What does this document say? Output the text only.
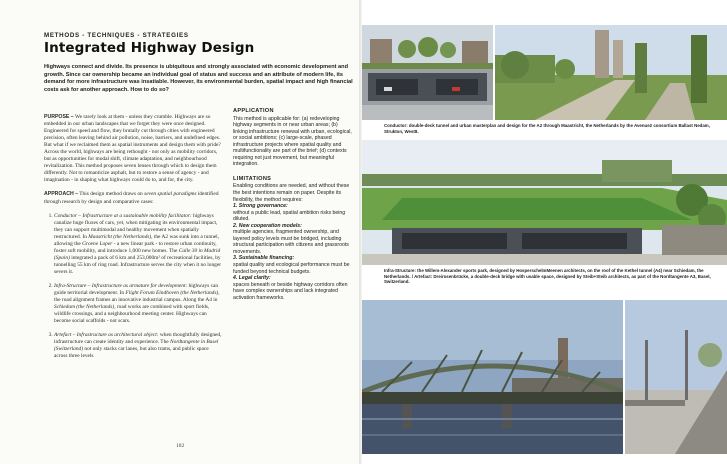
METHODS - TECHNIQUES - STRATEGIES
Integrated Highway Design
Highways connect and divide. Its presence is ubiquitous and strongly associated with economic development and growth. Since car ownership became an individual goal of status and success and an attribute of modern life, its demand for more infrastructure was insatiable. However, its environmental burden, spatial impact and high financial costs ask for another approach. How to do so?

PURPOSE – We rarely look at them - unless they crumble. Highways are so embedded in our urban landscapes that we forget they were once designed. Engineered for speed and flow, they brutally cut through cities with engineered precision, often leaving behind air pollution, noise, barriers, and undefined edges. But what if we reclaimed them as spatial instruments and design them with pride? Across the world, highways are being rethought - not only as mobility corridors, but as opportunities for modal shift, climate adaptation, and neighbourhood revitalization. This method proposes seven lenses through which to design them differently. Not to romanticize asphalt, but to restore a sense of agency - and imagination - in shaping what highways could do to, and for, the city.

APPROACH – This design method draws on seven spatial paradigms identified through research by design and comparative cases:

1. Conductor – Infrastructure at a sustainable mobility facilitator: highways canalize huge fluxes of cars, yet, when mitigating its environmental impact, they can support multimodal and healthy movement when spatially restructured. In Maastricht (the Netherlands), the A2 was sunk into a tunnel, allowing the Groene Loper - a new linear park - to restore urban continuity, foster soft mobility, and introduce 1,000 new homes. The Calle 30 in Madrid (Spain) integrated a pack of 6 km and 253,000m² of recreational facilities, by tunnelling 55 km of ring road. Infrastructure serves the city when it no longer severs it.
2. Infra-Structure – Infrastructure as armature for development: highways can guide territorial development. In Flight Forum Eindhoven (the Netherlands), the road alignment frames an innovative industrial campus. Along the A4 in Schiedam (the Netherlands), road works are combined with sport fields, wildlife crossings, and a neighbourhood meeting center. Highways can become social scaffolds - not scars.
3. Artefact – Infrastructure as architectural object: when thoughtfully designed, infrastructure can create identity and experience. The Nordtangente in Basel (Switzerland) not only stacks car lanes, but also trams, and public space across three levels
APPLICATION

This method is applicable for: (a) redeveloping highway segments in or near urban areas; (b) linking infrastructure renewal with urban, ecological, or social ambitions; (c) large-scale, phased infrastructure projects where spatial quality and multifunctionality are part of the brief; (d) contexts requiring not just movement, but meaningful integration.

LIMITATIONS

Enabling conditions are needed, and without these the best intentions remain on paper. Despite its flexibility, the method requires:

1. Strong governance:
without a public lead, spatial ambition risks being diluted.

2. New cooperation models:
multiple agencies, fragmented ownership, and layered policy levels must be bridged, including structural participation with citizens and grassroots movements.

3. Sustainable financing:
spatial quality and ecological performance must be funded beyond technical budgets.

4. Legal clarity:
spaces beneath or beside highway corridors often have complex ownerships and lack integrated activation frameworks.

182
Conductor: double-deck tunnel and urban masterplan and design for the A2 through Maastricht, the Netherlands by the Avenue2 consortium Ballast Nedam, Strukton, West8.
Infra-Structure: the Willem-Alexander sports park, designed by HosperschelmMeenen architects, on the roof of the Kethel tunnel (A4) near Schiedam, the Netherlands. / Artefact: Dreirosenbrücke, a double-deck bridge with usable space, designed by Steib+Steib architects, as part of the Nordtangente A3, Basel, Switzerland.
